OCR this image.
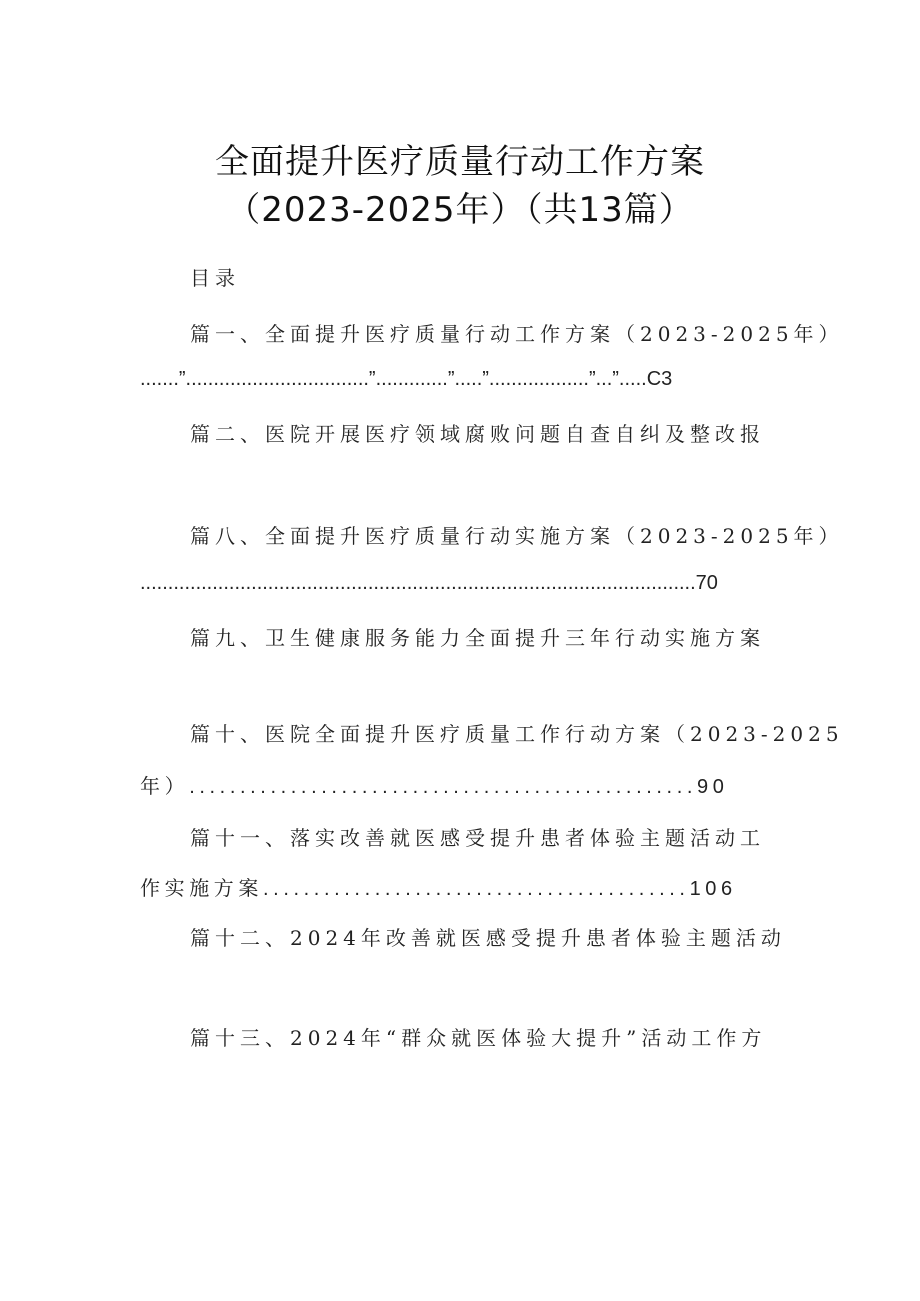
全面提升医疗质量行动工作方案
（2023-2025年）（共13篇）
目录
篇一、全面提升医疗质量行动工作方案（2023-2025年）
.......”.................................”.............”.....”..................”...”.....C3
篇二、医院开展医疗领域腐败问题自查自纠及整改报
篇八、全面提升医疗质量行动实施方案（2023-2025年）
....................................................................................................70
篇九、卫生健康服务能力全面提升三年行动实施方案
篇十、医院全面提升医疗质量工作行动方案（2023-2025
年）..................................................90
篇十一、落实改善就医感受提升患者体验主题活动工
作实施方案..........................................106
篇十二、2024年改善就医感受提升患者体验主题活动
篇十三、2024年“群众就医体验大提升”活动工作方
